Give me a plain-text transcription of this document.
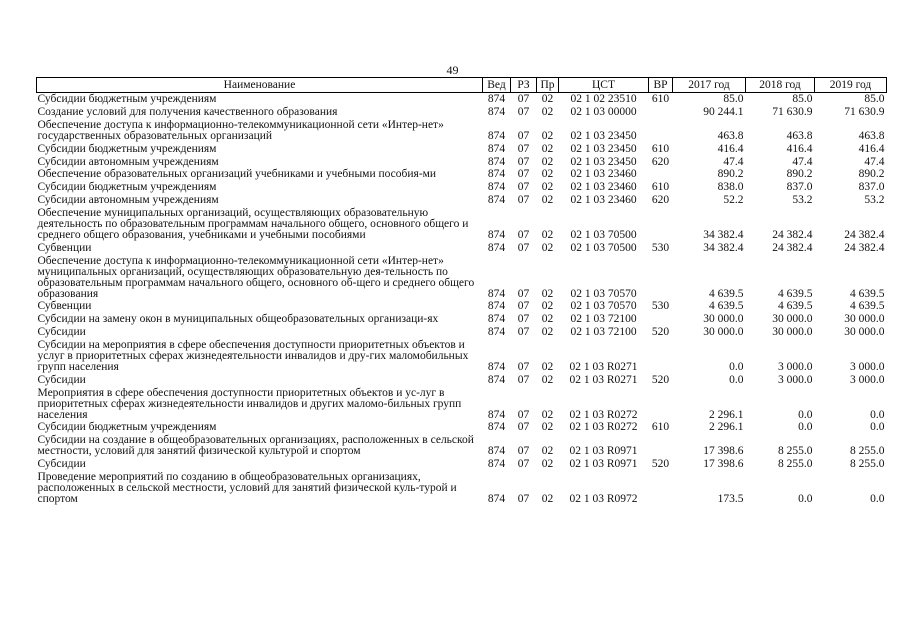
49
Наименование	Вед	РЗ	Пр	ЦСТ	ВР	2017 год	2018 год	2019 год
Субсидии бюджетным учреждениям	874	07	02	02 1 02 23510	610	85.0	85.0	85.0
Создание условий для получения качественного образования	874	07	02	02 1 03 00000		90 244.1	71 630.9	71 630.9
Обеспечение доступа к информационно-телекоммуникационной сети «Интер-нет» государственных образовательных организаций	874	07	02	02 1 03 23450		463.8	463.8	463.8
Субсидии бюджетным учреждениям	874	07	02	02 1 03 23450	610	416.4	416.4	416.4
Субсидии автономным учреждениям	874	07	02	02 1 03 23450	620	47.4	47.4	47.4
Обеспечение образовательных организаций учебниками и учебными пособия-ми	874	07	02	02 1 03 23460		890.2	890.2	890.2
Субсидии бюджетным учреждениям	874	07	02	02 1 03 23460	610	838.0	837.0	837.0
Субсидии автономным учреждениям	874	07	02	02 1 03 23460	620	52.2	53.2	53.2
Обеспечение муниципальных организаций, осуществляющих образовательную деятельность по образовательным программам начального общего, основного общего и среднего общего образования, учебниками и учебными пособиями	874	07	02	02 1 03 70500		34 382.4	24 382.4	24 382.4
Субвенции	874	07	02	02 1 03 70500	530	34 382.4	24 382.4	24 382.4
Обеспечение доступа к информационно-телекоммуникационной сети «Интер-нет» муниципальных организаций, осуществляющих образовательную дея-тельность по образовательным программам начального общего, основного об-щего и среднего общего образования	874	07	02	02 1 03 70570		4 639.5	4 639.5	4 639.5
Субвенции	874	07	02	02 1 03 70570	530	4 639.5	4 639.5	4 639.5
Субсидии на замену окон в муниципальных общеобразовательных организаци-ях	874	07	02	02 1 03 72100		30 000.0	30 000.0	30 000.0
Субсидии	874	07	02	02 1 03 72100	520	30 000.0	30 000.0	30 000.0
Субсидии на мероприятия в сфере обеспечения доступности приоритетных объектов и услуг в приоритетных сферах жизнедеятельности инвалидов и дру-гих маломобильных групп населения	874	07	02	02 1 03 R0271		0.0	3 000.0	3 000.0
Субсидии	874	07	02	02 1 03 R0271	520	0.0	3 000.0	3 000.0
Мероприятия в сфере обеспечения доступности приоритетных объектов и ус-луг в приоритетных сферах жизнедеятельности инвалидов и других маломо-бильных групп населения	874	07	02	02 1 03 R0272		2 296.1	0.0	0.0
Субсидии бюджетным учреждениям	874	07	02	02 1 03 R0272	610	2 296.1	0.0	0.0
Субсидии на создание в общеобразовательных организациях, расположенных в сельской местности, условий для занятий физической культурой и спортом	874	07	02	02 1 03 R0971		17 398.6	8 255.0	8 255.0
Субсидии	874	07	02	02 1 03 R0971	520	17 398.6	8 255.0	8 255.0
Проведение мероприятий по созданию в общеобразовательных организациях, расположенных в сельской местности, условий для занятий физической куль-турой и спортом	874	07	02	02 1 03 R0972		173.5	0.0	0.0
